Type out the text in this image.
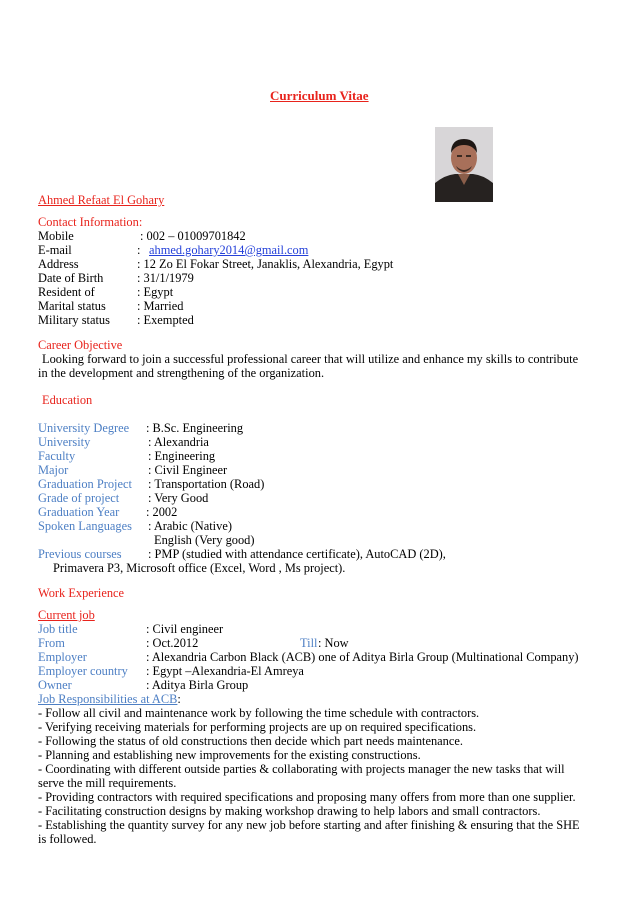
Curriculum Vitae
Ahmed Refaat El Gohary
Contact Information:
Mobile	: 002 – 01009701842
E-mail	: ahmed.gohary2014@gmail.com
Address	: 12 Zo El Fokar Street, Janaklis, Alexandria, Egypt
Date of Birth	: 31/1/1979
Resident of	: Egypt
Marital status	: Married
Military status : Exempted
Career Objective
Looking forward to join a successful professional career that will utilize and enhance my skills to contribute in the development and strengthening of the organization.
Education
University Degree : B.Sc. Engineering
University	: Alexandria
Faculty	: Engineering
Major	: Civil Engineer
Graduation Project : Transportation (Road)
Grade of project : Very Good
Graduation Year : 2002
Spoken Languages : Arabic (Native)
English (Very good)
Previous courses : PMP (studied with attendance certificate), AutoCAD (2D),
Primavera P3, Microsoft office (Excel, Word , Ms project).
Work Experience
Current job
Job title	: Civil engineer
From	: Oct.2012	Till : Now
Employer	: Alexandria Carbon Black (ACB) one of Aditya Birla Group (Multinational Company)
Employer country : Egypt –Alexandria-El Amreya
Owner	: Aditya Birla Group
Job Responsibilities at ACB:
- Follow all civil and maintenance work by following the time schedule with contractors.
- Verifying receiving materials for performing projects are up on required specifications.
- Following the status of old constructions then decide which part needs maintenance.
- Planning and establishing new improvements for the existing constructions.
- Coordinating with different outside parties & collaborating with projects manager the new tasks that will serve the mill requirements.
- Providing contractors with required specifications and proposing many offers from more than one supplier.
- Facilitating construction designs by making workshop drawing to help labors and small contractors.
- Establishing the quantity survey for any new job before starting and after finishing & ensuring that the SHE is followed.
